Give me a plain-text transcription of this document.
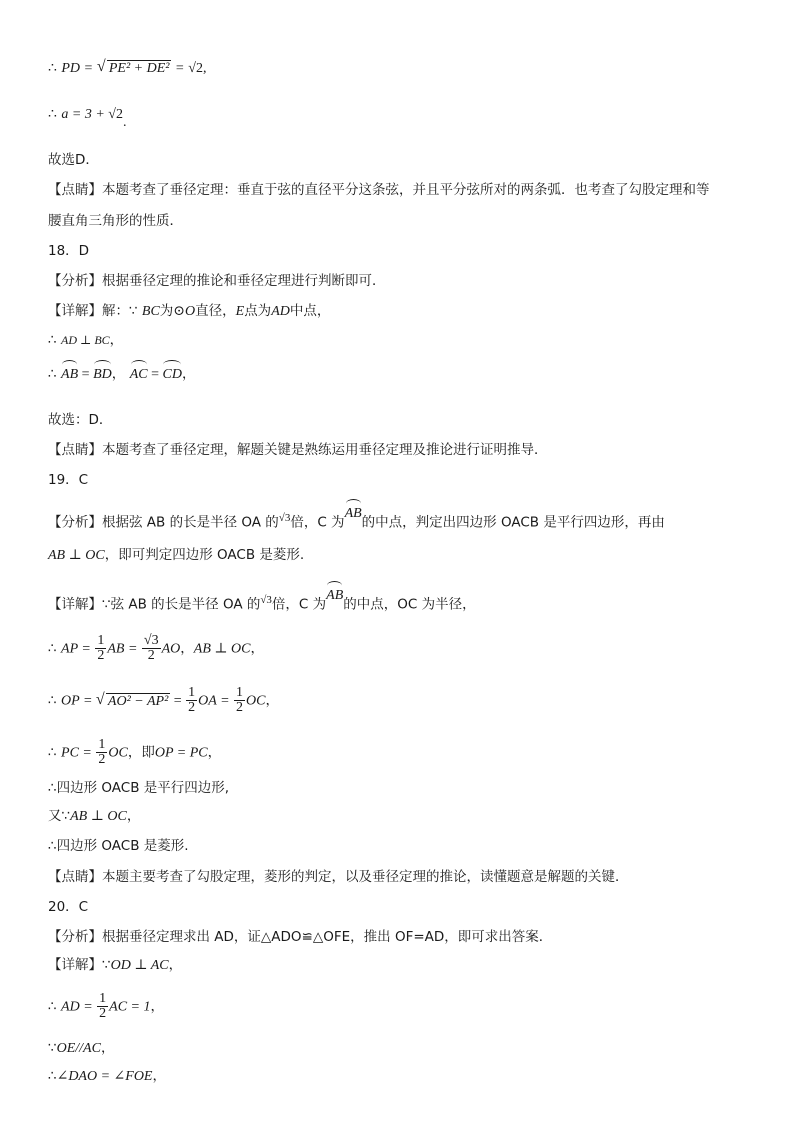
∴ PD = √ PE² + DE² = √2,
∴ a = 3 + √2.
故选D．
【点睛】本题考查了垂径定理：垂直于弦的直径平分这条弦，并且平分弦所对的两条弧．也考查了勾股定理和等
腰直角三角形的性质．
18．D
【分析】根据垂径定理的推论和垂径定理进行判断即可．
【详解】解：∵ BC为⊙O直径，E点为AD中点，
∴ AD ⊥ BC，
∴ AB = BD， AC = CD，
故选：D．
【点睛】本题考查了垂径定理，解题关键是熟练运用垂径定理及推论进行证明推导．
19．C
【分析】根据弦 AB 的长是半径 OA 的√3倍，C 为AB的中点，判定出四边形 OACB 是平行四边形，再由
AB ⊥ OC，即可判定四边形 OACB 是菱形.
【详解】∵弦 AB 的长是半径 OA 的√3倍，C 为AB的中点，OC 为半径，
∴ AP = $\frac{1}{2}$ AB = $\frac{√3}{2}$ AO，AB ⊥ OC，
∴ OP = √ $AO^2 - AP^2 = \frac{1}{2}$ OA = $\frac{1}{2}$ OC，
∴ PC = $\frac{1}{2}$ OC，即OP = PC，
∴四边形 OACB 是平行四边形,
又∵AB ⊥ OC，
∴四边形 OACB 是菱形.
【点睛】本题主要考查了勾股定理，菱形的判定，以及垂径定理的推论，读懂题意是解题的关键．
20．C
【分析】根据垂径定理求出 AD，证△ADO≌△OFE，推出 OF=AD，即可求出答案．
【详解】∵OD ⊥ AC，
∴ AD = $\frac{1}{2}$ AC = 1，
∵OE//AC，
∴∠DAO = ∠FOE，
